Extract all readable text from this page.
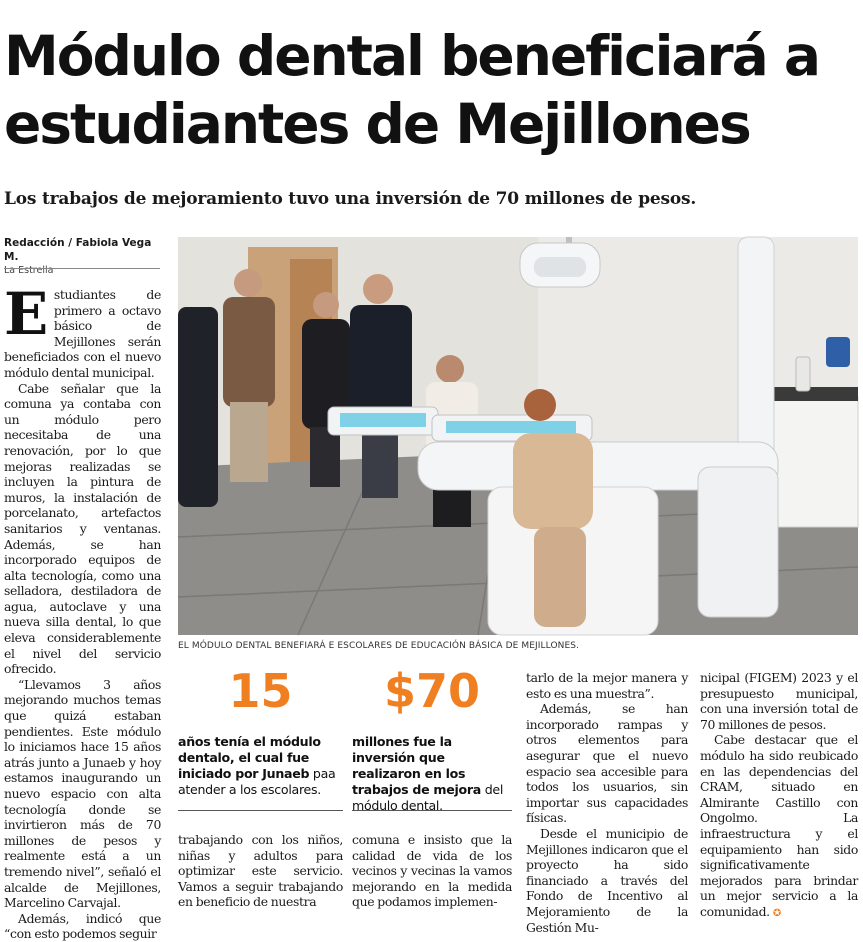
Módulo dental beneficiará a
estudiantes de Mejillones
Los trabajos de mejoramiento tuvo una inversión de 70 millones de pesos.
Redacción / Fabiola Vega M.
La Estrella

Estudiantes de primero a octavo básico de Mejillones serán beneficiados con el nuevo módulo dental municipal.

Cabe señalar que la comuna ya contaba con un módulo pero necesitaba de una renovación, por lo que mejoras realizadas se incluyen la pintura de muros, la instalación de porcelanato, artefactos sanitarios y ventanas. Además, se han incorporado equipos de alta tecnología, como una selladora, destiladora de agua, autoclave y una nueva silla dental, lo que eleva considerablemente el nivel del servicio ofrecido.

“Llevamos 3 años mejorando muchos temas que quizá estaban pendientes. Este módulo lo iniciamos hace 15 años atrás junto a Junaeb y hoy estamos inaugurando un nuevo espacio con alta tecnología donde se invirtieron más de 70 millones de pesos y realmente está a un tremendo nivel”, señaló el alcalde de Mejillones, Marcelino Carvajal.

Además, indicó que “con esto podemos seguir

EL MÓDULO DENTAL BENEFIARÁ E ESCOLARES DE EDUCACIÓN BÁSICA DE MEJILLONES.
15
años tenía el módulo dentalo, el cual fue iniciado por Junaeb paa atender a los escolares.
$70
millones fue la inversión que realizaron en los trabajos de mejora del módulo dental.

trabajando con los niños, niñas y adultos para optimizar este servicio. Vamos a seguir trabajando en beneficio de nuestra

comuna e insisto que la calidad de vida de los vecinos y vecinas la vamos mejorando en la medida que podamos implemen-

tarlo de la mejor manera y esto es una muestra”.

Además, se han incorporado rampas y otros elementos para asegurar que el nuevo espacio sea accesible para todos los usuarios, sin importar sus capacidades físicas.

Desde el municipio de Mejillones indicaron que el proyecto ha sido financiado a través del Fondo de Incentivo al Mejoramiento de la Gestión Mu-

nicipal (FIGEM) 2023 y el presupuesto municipal, con una inversión total de 70 millones de pesos.

Cabe destacar que el módulo ha sido reubicado en las dependencias del CRAM, situado en Almirante Castillo con Ongolmo. La infraestructura y el equipamiento han sido significativamente mejorados para brindar un mejor servicio a la comunidad. ✪
